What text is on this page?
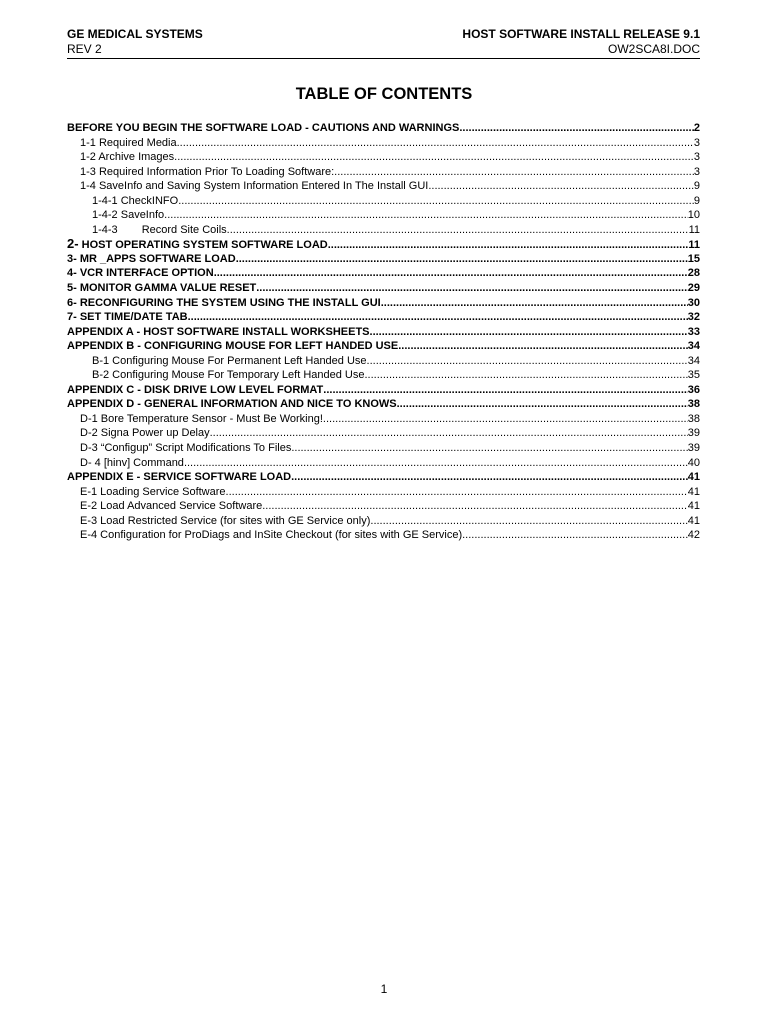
GE MEDICAL SYSTEMS	HOST SOFTWARE INSTALL RELEASE 9.1
REV 2	OW2SCA8I.DOC
TABLE OF CONTENTS
BEFORE YOU BEGIN THE SOFTWARE LOAD - CAUTIONS AND WARNINGS .....	2
1-1 Required Media .....	3
1-2 Archive Images .....	3
1-3 Required Information Prior To Loading Software: .....	3
1-4 SaveInfo and Saving System Information Entered In The Install GUI .....	9
1-4-1 CheckINFO .....	9
1-4-2 SaveInfo .....	10
1-4-3 Record Site Coils .....	11
2- HOST OPERATING SYSTEM SOFTWARE LOAD .....	11
3- MR _APPS SOFTWARE LOAD .....	15
4- VCR INTERFACE OPTION .....	28
5- MONITOR GAMMA VALUE RESET .....	29
6- RECONFIGURING THE SYSTEM USING THE INSTALL GUI .....	30
7- SET TIME/DATE TAB .....	32
APPENDIX A - HOST SOFTWARE INSTALL WORKSHEETS .....	33
APPENDIX B - CONFIGURING MOUSE FOR LEFT HANDED USE .....	34
B-1 Configuring Mouse For Permanent Left Handed Use .....	34
B-2 Configuring Mouse For Temporary Left Handed Use .....	35
APPENDIX C - DISK DRIVE LOW LEVEL FORMAT .....	36
APPENDIX D - GENERAL INFORMATION AND NICE TO KNOWS .....	38
D-1 Bore Temperature Sensor - Must Be Working! .....	38
D-2 Signa Power up Delay .....	39
D-3 “Configup” Script Modifications To Files .....	39
D- 4 [hinv] Command .....	40
APPENDIX E - SERVICE SOFTWARE LOAD .....	41
E-1 Loading Service Software .....	41
E-2 Load Advanced Service Software .....	41
E-3 Load Restricted Service (for sites with GE Service only) .....	41
E-4 Configuration for ProDiags and InSite Checkout (for sites with GE Service) .....	42
1
